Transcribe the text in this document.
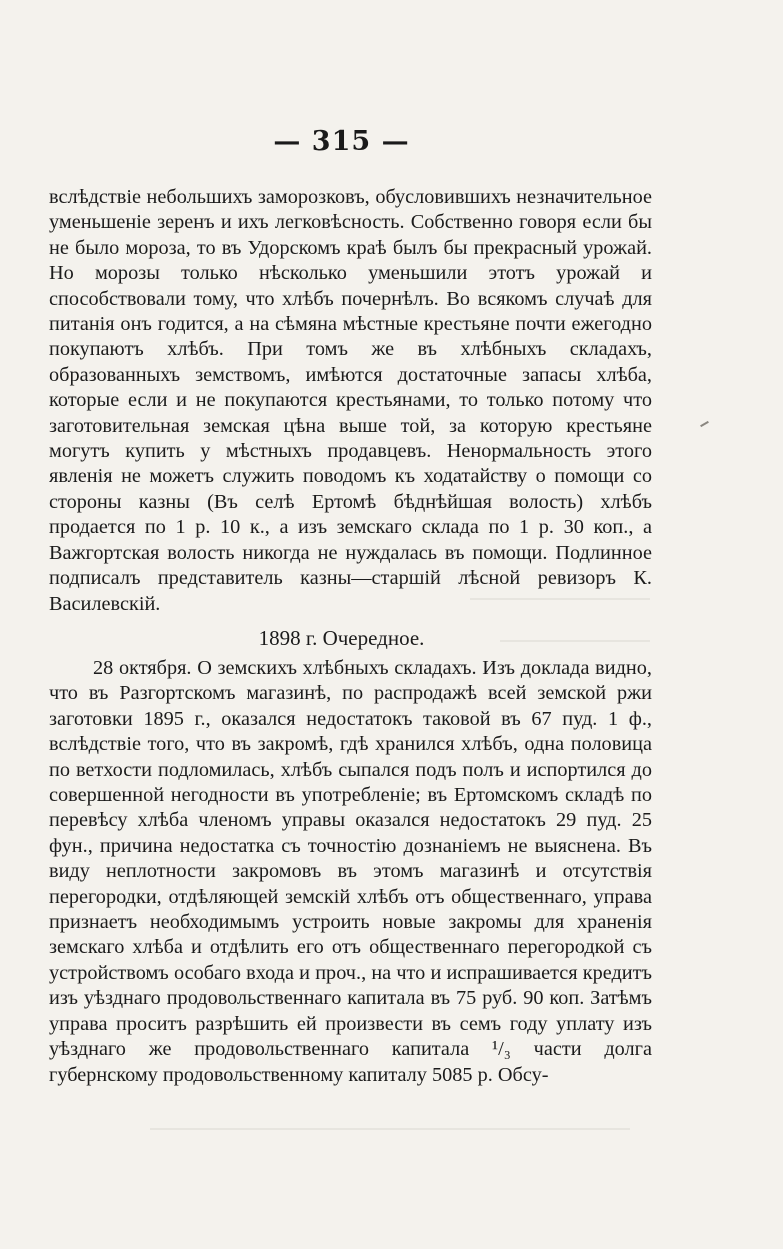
— 315 —

вслѣдствіе небольшихъ заморозковъ, обусловившихъ незначительное уменьшеніе зеренъ и ихъ легковѣсность. Собственно говоря если бы не было мороза, то въ Удорскомъ краѣ былъ бы прекрасный урожай. Но морозы только нѣсколько уменьшили этотъ урожай и способствовали тому, что хлѣбъ почернѣлъ. Во всякомъ случаѣ для питанія онъ годится, а на сѣмяна мѣстные крестьяне почти ежегодно покупаютъ хлѣбъ. При томъ же въ хлѣбныхъ складахъ, образованныхъ земствомъ, имѣются достаточные запасы хлѣба, которые если и не покупаются крестьянами, то только потому что заготовительная земская цѣна выше той, за которую крестьяне могутъ купить у мѣстныхъ продавцевъ. Ненормальность этого явленія не можетъ служить поводомъ къ ходатайству о помощи со стороны казны (Въ селѣ Ертомѣ бѣднѣйшая волость) хлѣбъ продается по 1 р. 10 к., а изъ земскаго склада по 1 р. 30 коп., а Важгортская волость никогда не нуждалась въ помощи. Подлинное подписалъ представитель казны—старшій лѣсной ревизоръ К. Василевскій.

1898 г. Очередное.

28 октября. О земскихъ хлѣбныхъ складахъ. Изъ доклада видно, что въ Разгортскомъ магазинѣ, по распродажѣ всей земской ржи заготовки 1895 г., оказался недостатокъ таковой въ 67 пуд. 1 ф., вслѣдствіе того, что въ закромѣ, гдѣ хранился хлѣбъ, одна половица по ветхости подломилась, хлѣбъ сыпался подъ полъ и испортился до совершенной негодности въ употребленіе; въ Ертомскомъ складѣ по перевѣсу хлѣба членомъ управы оказался недостатокъ 29 пуд. 25 фун., причина недостатка съ точностію дознаніемъ не выяснена. Въ виду неплотности закромовъ въ этомъ магазинѣ и отсутствія перегородки, отдѣляющей земскій хлѣбъ отъ общественнаго, управа признаетъ необходимымъ устроить новые закромы для храненія земскаго хлѣба и отдѣлить его отъ общественнаго перегородкой съ устройствомъ особаго входа и проч., на что и испрашивается кредитъ изъ уѣзднаго продовольственнаго капитала въ 75 руб. 90 коп. Затѣмъ управа проситъ разрѣшить ей произвести въ семъ году уплату изъ уѣзднаго же продовольственнаго капитала ¹/₃ части долга губернскому продовольственному капиталу 5085 р. Обсу-
